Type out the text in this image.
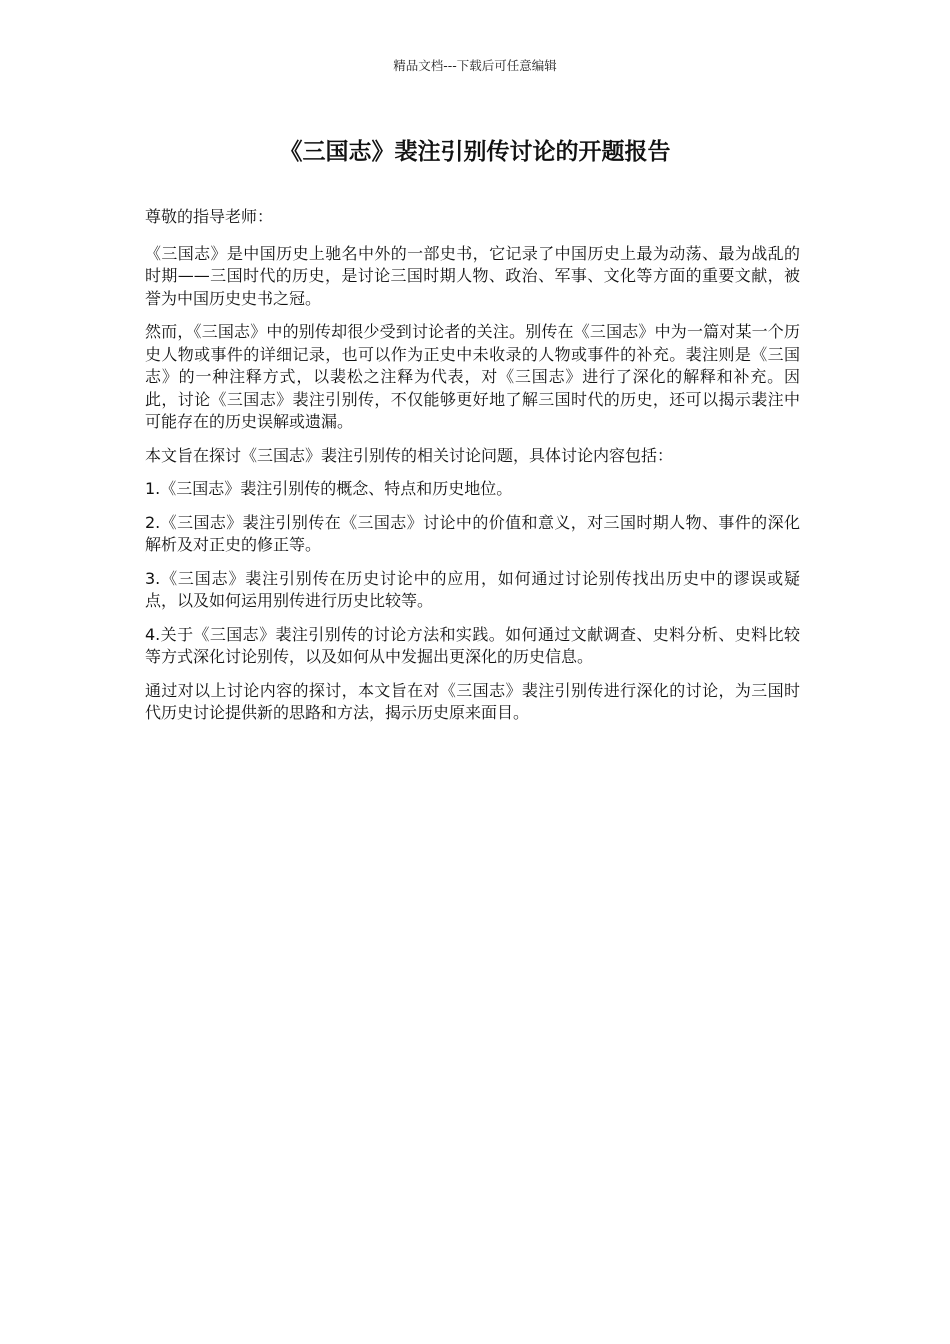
精品文档---下载后可任意编辑
《三国志》裴注引别传讨论的开题报告

尊敬的指导老师：

《三国志》是中国历史上驰名中外的一部史书，它记录了中国历史上最为动荡、最为战乱的时期——三国时代的历史，是讨论三国时期人物、政治、军事、文化等方面的重要文献，被誉为中国历史史书之冠。

然而，《三国志》中的别传却很少受到讨论者的关注。别传在《三国志》中为一篇对某一个历史人物或事件的详细记录，也可以作为正史中未收录的人物或事件的补充。裴注则是《三国志》的一种注释方式，以裴松之注释为代表，对《三国志》进行了深化的解释和补充。因此，讨论《三国志》裴注引别传，不仅能够更好地了解三国时代的历史，还可以揭示裴注中可能存在的历史误解或遗漏。

本文旨在探讨《三国志》裴注引别传的相关讨论问题，具体讨论内容包括：

1.《三国志》裴注引别传的概念、特点和历史地位。

2.《三国志》裴注引别传在《三国志》讨论中的价值和意义，对三国时期人物、事件的深化解析及对正史的修正等。

3.《三国志》裴注引别传在历史讨论中的应用，如何通过讨论别传找出历史中的谬误或疑点，以及如何运用别传进行历史比较等。

4.关于《三国志》裴注引别传的讨论方法和实践。如何通过文献调查、史料分析、史料比较等方式深化讨论别传，以及如何从中发掘出更深化的历史信息。

通过对以上讨论内容的探讨，本文旨在对《三国志》裴注引别传进行深化的讨论，为三国时代历史讨论提供新的思路和方法，揭示历史原来面目。
